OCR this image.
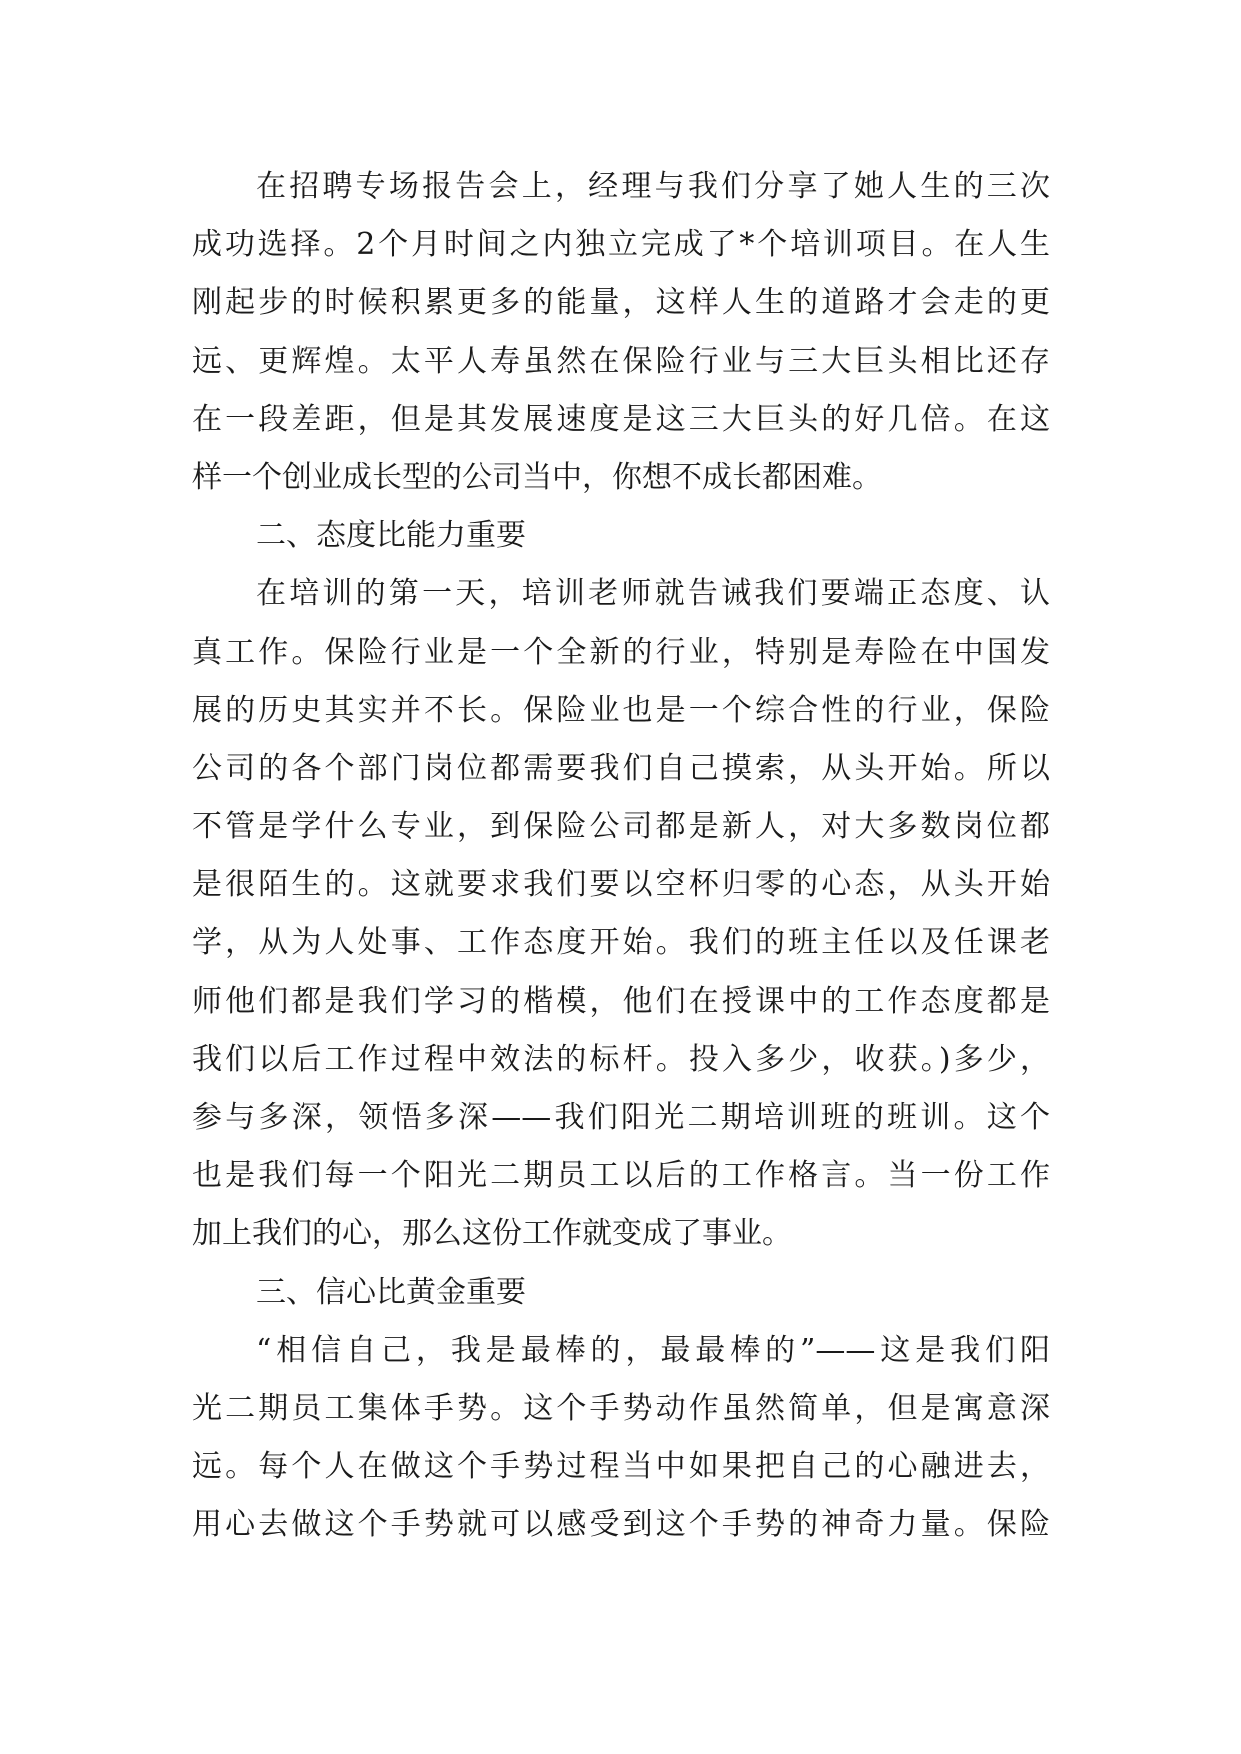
在招聘专场报告会上，经理与我们分享了她人生的三次
成功选择。2个月时间之内独立完成了*个培训项目。在人生
刚起步的时候积累更多的能量，这样人生的道路才会走的更
远、更辉煌。太平人寿虽然在保险行业与三大巨头相比还存
在一段差距，但是其发展速度是这三大巨头的好几倍。在这
样一个创业成长型的公司当中，你想不成长都困难。
二、态度比能力重要
在培训的第一天，培训老师就告诫我们要端正态度、认
真工作。保险行业是一个全新的行业，特别是寿险在中国发
展的历史其实并不长。保险业也是一个综合性的行业，保险
公司的各个部门岗位都需要我们自己摸索，从头开始。所以
不管是学什么专业，到保险公司都是新人，对大多数岗位都
是很陌生的。这就要求我们要以空杯归零的心态，从头开始
学，从为人处事、工作态度开始。我们的班主任以及任课老
师他们都是我们学习的楷模，他们在授课中的工作态度都是
我们以后工作过程中效法的标杆。投入多少，收获。)多少，
参与多深，领悟多深——我们阳光二期培训班的班训。这个
也是我们每一个阳光二期员工以后的工作格言。当一份工作
加上我们的心，那么这份工作就变成了事业。
三、信心比黄金重要
“相信自己，我是最棒的，最最棒的”——这是我们阳
光二期员工集体手势。这个手势动作虽然简单，但是寓意深
远。每个人在做这个手势过程当中如果把自己的心融进去，
用心去做这个手势就可以感受到这个手势的神奇力量。保险
